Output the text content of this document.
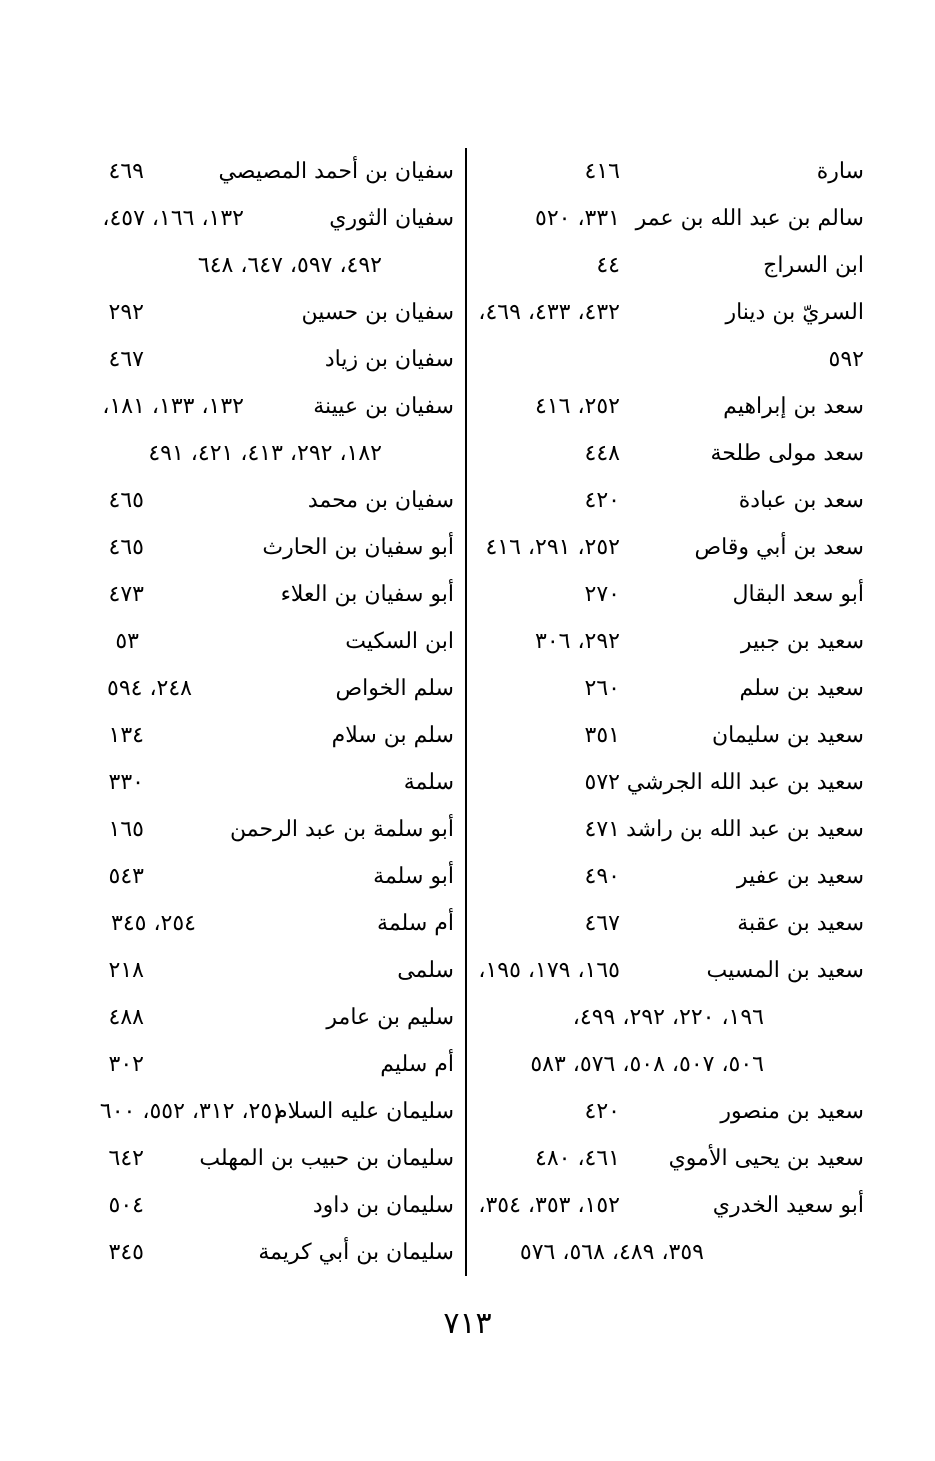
سارة
٤١٦
سالم بن عبد الله بن عمر
٣٣١، ٥٢٠
ابن السراج
٤٤
السريّ بن دينار
٤٣٢، ٤٣٣، ٤٦٩،
٥٩٢
سعد بن إبراهيم
٢٥٢، ٤١٦
سعد مولى طلحة
٤٤٨
سعد بن عبادة
٤٢٠
سعد بن أبي وقاص
٢٥٢، ٢٩١، ٤١٦
أبو سعد البقال
٢٧٠
سعيد بن جبير
٢٩٢، ٣٠٦
سعيد بن سلم
٢٦٠
سعيد بن سليمان
٣٥١
سعيد بن عبد الله الجرشي
٥٧٢
سعيد بن عبد الله بن راشد
٤٧١
سعيد بن عفير
٤٩٠
سعيد بن عقبة
٤٦٧
سعيد بن المسيب
١٦٥، ١٧٩، ١٩٥،
١٩٦، ٢٢٠، ٢٩٢، ٤٩٩،
٥٠٦، ٥٠٧، ٥٠٨، ٥٧٦، ٥٨٣
سعيد بن منصور
٤٢٠
سعيد بن يحيى الأموي
٤٦١، ٤٨٠
أبو سعيد الخدري
١٥٢، ٣٥٣، ٣٥٤،
٣٥٩، ٤٨٩، ٥٦٨، ٥٧٦
سفيان بن أحمد المصيصي
٤٦٩
سفيان الثوري
١٣٢، ١٦٦، ٤٥٧،
٤٩٢، ٥٩٧، ٦٤٧، ٦٤٨
سفيان بن حسين
٢٩٢
سفيان بن زياد
٤٦٧
سفيان بن عيينة
١٣٢، ١٣٣، ١٨١،
١٨٢، ٢٩٢، ٤١٣، ٤٢١، ٤٩١
سفيان بن محمد
٤٦٥
أبو سفيان بن الحارث
٤٦٥
أبو سفيان بن العلاء
٤٧٣
ابن السكيت
٥٣
سلم الخواص
٢٤٨، ٥٩٤
سلم بن سلام
١٣٤
سلمة
٣٣٠
أبو سلمة بن عبد الرحمن
١٦٥
أبو سلمة
٥٤٣
أم سلمة
٢٥٤، ٣٤٥
سلمى
٢١٨
سليم بن عامر
٤٨٨
أم سليم
٣٠٢
سليمان عليه السلام
٢٥١، ٣١٢، ٥٥٢، ٦٠٠
سليمان بن حبيب بن المهلب
٦٤٢
سليمان بن داود
٥٠٤
سليمان بن أبي كريمة
٣٤٥
٧١٣
